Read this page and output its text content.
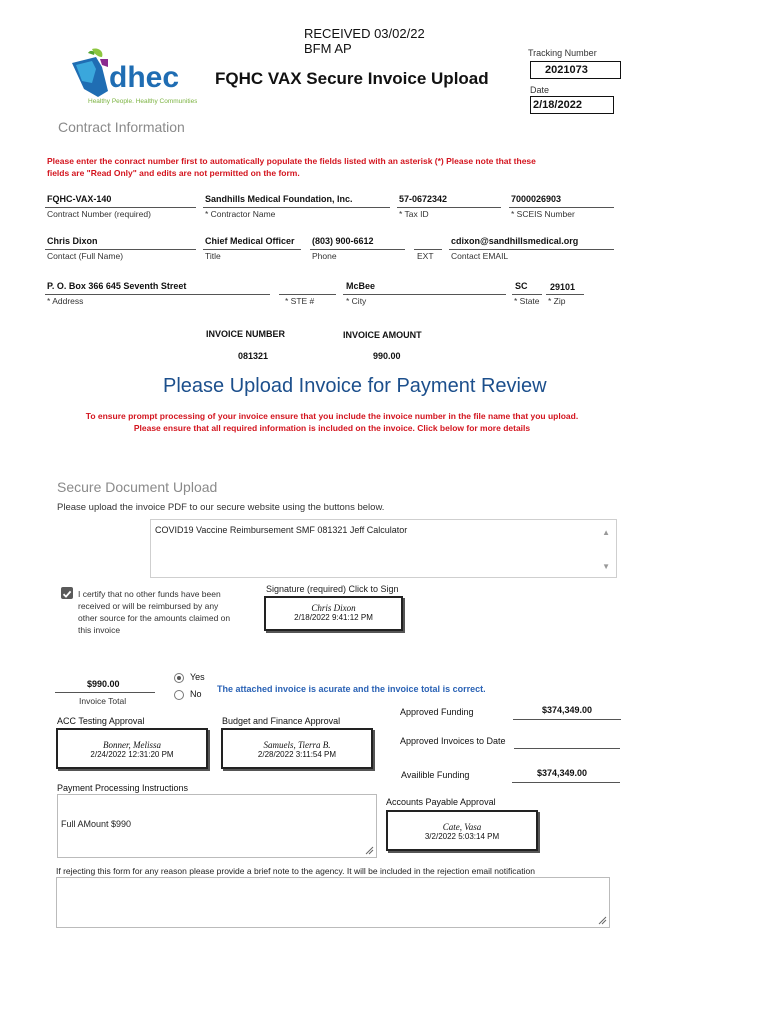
RECEIVED 03/02/22
BFM AP
dhec
Healthy People. Healthy Communities.
FQHC VAX Secure Invoice Upload
Tracking Number
2021073
Date
2/18/2022
Contract Information
Please enter the conract number first to automatically populate the fields listed with an asterisk (*) Please note that these
fields are "Read Only" and edits are not permitted on the form.
FQHC-VAX-140
Contract Number (required)
Sandhills Medical Foundation, Inc.
* Contractor Name
57-0672342
* Tax ID
7000026903
* SCEIS Number
Chris Dixon
Contact (Full Name)
Chief Medical Officer
Title
(803) 900-6612
Phone	EXT
cdixon@sandhillsmedical.org
Contact EMAIL
P. O. Box 366 645 Seventh Street
* Address	* STE #
McBee
* City
SC
* State
29101
* Zip
INVOICE NUMBER
081321
INVOICE AMOUNT
990.00
Please Upload Invoice for Payment Review
To ensure prompt processing of your invoice ensure that you include the invoice number in the file name that you upload.
Please ensure that all required information is included on the invoice. Click below for more details
Secure Document Upload
Please upload the invoice PDF to our secure website using the buttons below.
COVID19 Vaccine Reimbursement SMF 081321 Jeff Calculator	▲
▼
I certify that no other funds have been
received or will be reimbursed by any
other source for the amounts claimed on
this invoice
Signature (required) Click to Sign
Chris Dixon
2/18/2022 9:41:12 PM
$990.00
Invoice Total
Yes
No The attached invoice is acurate and the invoice total is correct.
ACC Testing Approval
Bonner, Melissa
2/24/2022 12:31:20 PM
Budget and Finance Approval
Samuels, Tierra B.
2/28/2022 3:11:54 PM
Approved Funding	$374,349.00
Approved Invoices to Date
Availible Funding	$374,349.00
Payment Processing Instructions

Full AMount $990

Accounts Payable Approval
Cate, Vasa
3/2/2022 5:03:14 PM
If rejecting this form for any reason please provide a brief note to the agency. It will be included in the rejection email notification
